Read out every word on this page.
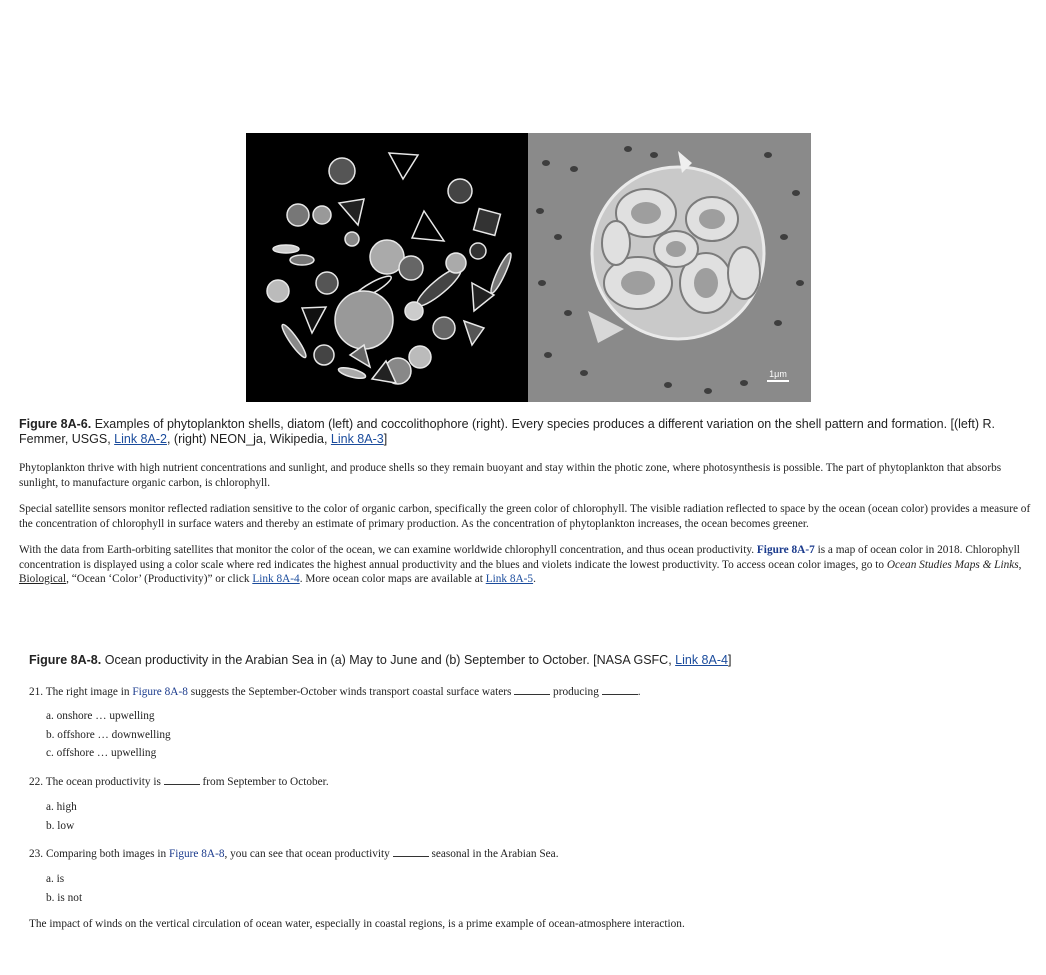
1μm
Figure 8A-6. Examples of phytoplankton shells, diatom (left) and coccolithophore (right). Every species produces a different variation on the shell pattern and formation. [(left) R. Femmer, USGS, Link 8A-2, (right) NEON_ja, Wikipedia, Link 8A-3]
Phytoplankton thrive with high nutrient concentrations and sunlight, and produce shells so they remain buoyant and stay within the photic zone, where photosynthesis is possible. The part of phytoplankton that absorbs sunlight, to manufacture organic carbon, is chlorophyll.
Special satellite sensors monitor reflected radiation sensitive to the color of organic carbon, specifically the green color of chlorophyll. The visible radiation reflected to space by the ocean (ocean color) provides a measure of the concentration of chlorophyll in surface waters and thereby an estimate of primary production. As the concentration of phytoplankton increases, the ocean becomes greener.
With the data from Earth-orbiting satellites that monitor the color of the ocean, we can examine worldwide chlorophyll concentration, and thus ocean productivity. Figure 8A-7 is a map of ocean color in 2018. Chlorophyll concentration is displayed using a color scale where red indicates the highest annual productivity and the blues and violets indicate the lowest productivity. To access ocean color images, go to Ocean Studies Maps & Links, Biological, “Ocean ‘Color’ (Productivity)” or click Link 8A-4. More ocean color maps are available at Link 8A-5.
Figure 8A-8. Ocean productivity in the Arabian Sea in (a) May to June and (b) September to October. [NASA GSFC, Link 8A-4]
21. The right image in Figure 8A-8 suggests the September-October winds transport coastal surface waters	producing	.
a. onshore … upwelling
b. offshore … downwelling
c. offshore … upwelling
22. The ocean productivity is	from September to October.
a. high
b. low
23. Comparing both images in Figure 8A-8, you can see that ocean productivity	seasonal in the Arabian Sea.
a. is
b. is not
The impact of winds on the vertical circulation of ocean water, especially in coastal regions, is a prime example of ocean-atmosphere interaction.
